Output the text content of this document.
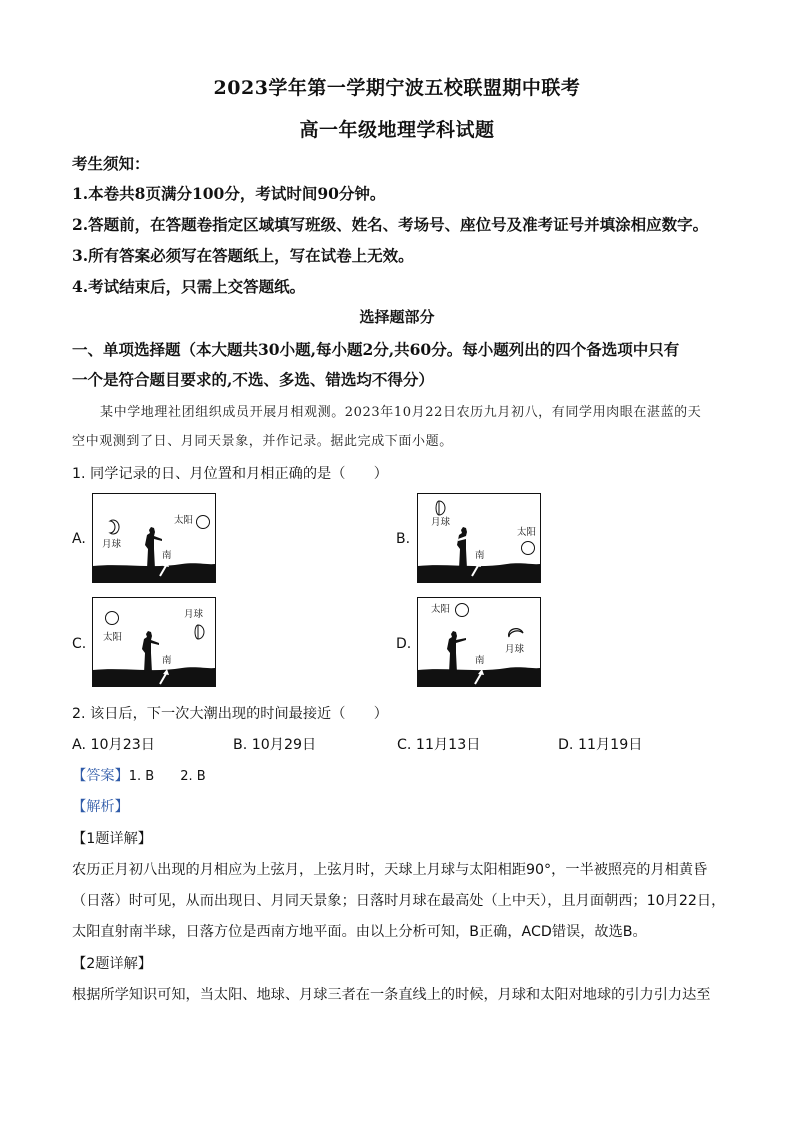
2023学年第一学期宁波五校联盟期中联考
高一年级地理学科试题
考生须知：
1.本卷共8页满分100分，考试时间90分钟。
2.答题前，在答题卷指定区域填写班级、姓名、考场号、座位号及准考证号并填涂相应数字。
3.所有答案必须写在答题纸上，写在试卷上无效。
4.考试结束后，只需上交答题纸。
选择题部分
一、单项选择题（本大题共30小题,每小题2分,共60分。每小题列出的四个备选项中只有
一个是符合题目要求的,不选、多选、错选均不得分）
某中学地理社团组织成员开展月相观测。2023年10月22日农历九月初八，有同学用肉眼在湛蓝的天
空中观测到了日、月同天景象，并作记录。据此完成下面小题。
1. 同学记录的日、月位置和月相正确的是（　　）
A. 月球
太阳
南
B.
月球
太阳
南
C. 太阳
月球
南
D.
太阳
月球
南
2. 该日后，下一次大潮出现的时间最接近（　　）
A. 10月23日	B. 10月29日	C. 11月13日	D. 11月19日
【答案】1. B　　2. B
【解析】
【1题详解】
农历正月初八出现的月相应为上弦月，上弦月时，天球上月球与太阳相距90°，一半被照亮的月相黄昏
（日落）时可见，从而出现日、月同天景象；日落时月球在最高处（上中天），且月面朝西；10月22日，
太阳直射南半球，日落方位是西南方地平面。由以上分析可知，B正确，ACD错误，故选B。
【2题详解】
根据所学知识可知，当太阳、地球、月球三者在一条直线上的时候，月球和太阳对地球的引力引力达至
